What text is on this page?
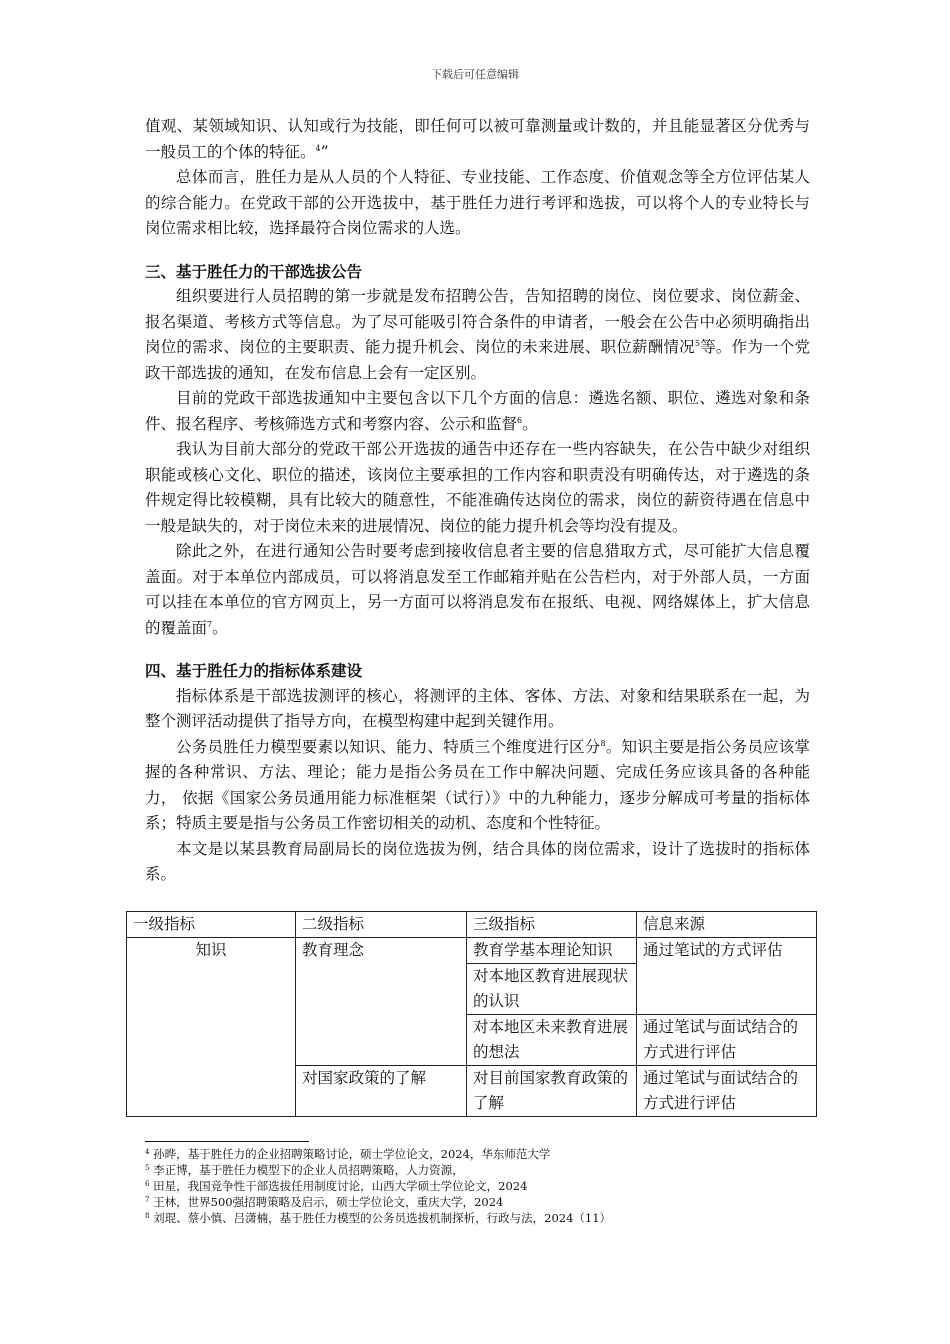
下载后可任意编辑

值观、某领域知识、认知或行为技能，即任何可以被可靠测量或计数的，并且能显著区分优秀与一般员工的个体的特征。$^4$”

总体而言，胜任力是从人员的个人特征、专业技能、工作态度、价值观念等全方位评估某人的综合能力。在党政干部的公开选拔中，基于胜任力进行考评和选拔，可以将个人的专业特长与岗位需求相比较，选择最符合岗位需求的人选。

三、基于胜任力的干部选拔公告

组织要进行人员招聘的第一步就是发布招聘公告，告知招聘的岗位、岗位要求、岗位薪金、报名渠道、考核方式等信息。为了尽可能吸引符合条件的申请者，一般会在公告中必须明确指出岗位的需求、岗位的主要职责、能力提升机会、岗位的未来进展、职位薪酬情况$^5$等。作为一个党政干部选拔的通知，在发布信息上会有一定区别。

目前的党政干部选拔通知中主要包含以下几个方面的信息：遴选名额、职位、遴选对象和条件、报名程序、考核筛选方式和考察内容、公示和监督$^6$。

我认为目前大部分的党政干部公开选拔的通告中还存在一些内容缺失，在公告中缺少对组织职能或核心文化、职位的描述，该岗位主要承担的工作内容和职责没有明确传达，对于遴选的条件规定得比较模糊，具有比较大的随意性，不能准确传达岗位的需求，岗位的薪资待遇在信息中一般是缺失的，对于岗位未来的进展情况、岗位的能力提升机会等均没有提及。

除此之外，在进行通知公告时要考虑到接收信息者主要的信息猎取方式，尽可能扩大信息覆盖面。对于本单位内部成员，可以将消息发至工作邮箱并贴在公告栏内，对于外部人员，一方面可以挂在本单位的官方网页上，另一方面可以将消息发布在报纸、电视、网络媒体上，扩大信息的覆盖面$^7$。

四、基于胜任力的指标体系建设

指标体系是干部选拔测评的核心，将测评的主体、客体、方法、对象和结果联系在一起，为整个测评活动提供了指导方向，在模型构建中起到关键作用。

公务员胜任力模型要素以知识、能力、特质三个维度进行区分$^8$。知识主要是指公务员应该掌握的各种常识、方法、理论；能力是指公务员在工作中解决问题、完成任务应该具备的各种能力， 依据《国家公务员通用能力标准框架（试行）》中的九种能力，逐步分解成可考量的指标体系；特质主要是指与公务员工作密切相关的动机、态度和个性特征。

本文是以某县教育局副局长的岗位选拔为例，结合具体的岗位需求，设计了选拔时的指标体系。

一级指标	二级指标	三级指标	信息来源
知识	教育理念	教育学基本理论知识	通过笔试的方式评估
		对本地区教育进展现状的认识	
		对本地区未来教育进展的想法	通过笔试与面试结合的方式进行评估
	对国家政策的了解	对目前国家教育政策的了解	通过笔试与面试结合的方式进行评估
$^4$ 孙晔，基于胜任力的企业招聘策略讨论，硕士学位论文，2024，华东师范大学
$^5$ 李正博，基于胜任力模型下的企业人员招聘策略，人力资源，
$^6$ 田星，我国竞争性干部选拔任用制度讨论，山西大学硕士学位论文，2024
$^7$ 王林，世界500强招聘策略及启示，硕士学位论文，重庆大学，2024
$^8$ 刘琨、蔡小慎、吕潇楠，基于胜任力模型的公务员选拔机制探析，行政与法，2024（11）
